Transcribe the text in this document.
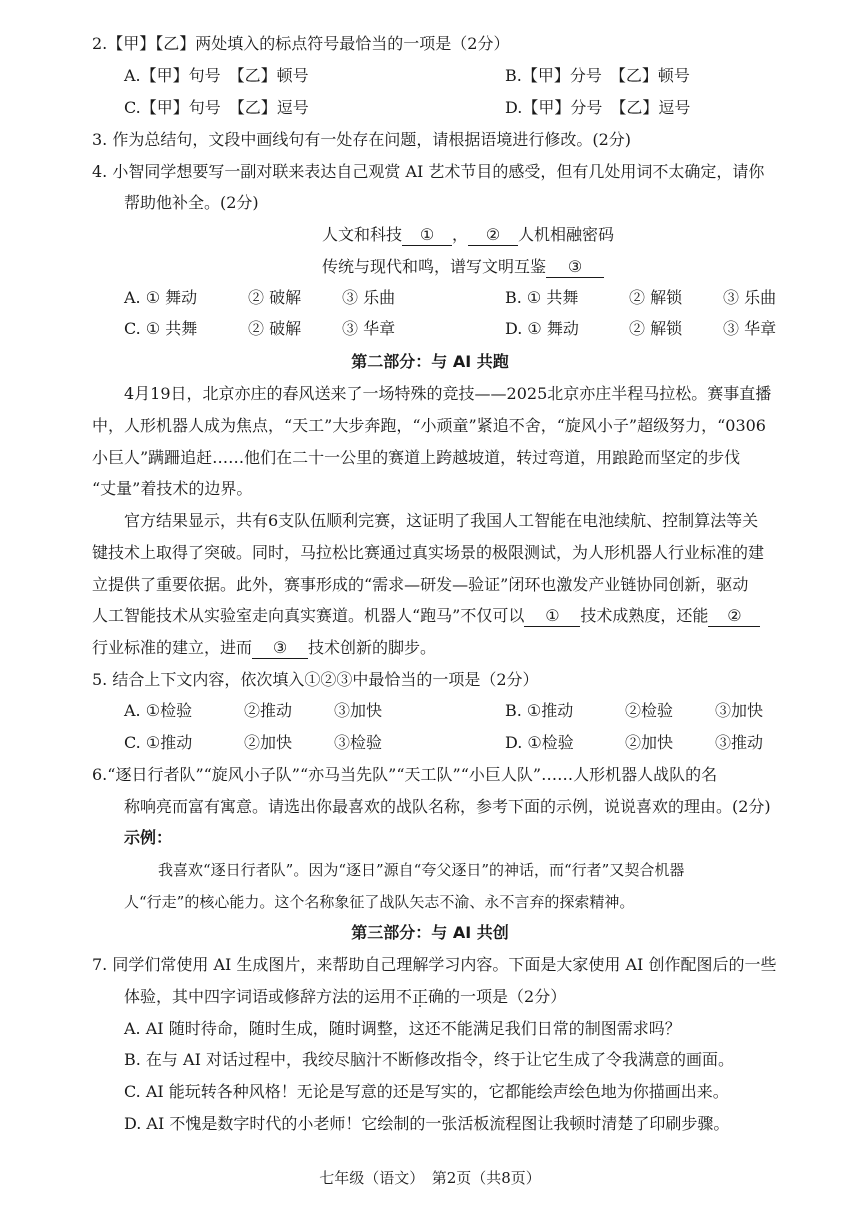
2.【甲】【乙】两处填入的标点符号最恰当的一项是（2分）
A.【甲】句号　【乙】顿号	B.【甲】分号　【乙】顿号
C.【甲】句号　【乙】逗号	D.【甲】分号　【乙】逗号
3. 作为总结句，文段中画线句有一处存在问题，请根据语境进行修改。(2分)
4. 小智同学想要写一副对联来表达自己观赏 AI 艺术节目的感受，但有几处用词不太确定，请你
帮助他补全。(2分)
人文和科技 ① ， ② 人机相融密码
传统与现代和鸣，谱写文明互鉴 ③
A. ① 舞动	② 破解	③ 乐曲	B. ① 共舞	② 解锁	③ 乐曲
C. ① 共舞	② 破解	③ 华章	D. ① 舞动	② 解锁	③ 华章
第二部分：与 AI 共跑
4月19日，北京亦庄的春风送来了一场特殊的竞技——2025北京亦庄半程马拉松。赛事直播
中，人形机器人成为焦点，“天工”大步奔跑，“小顽童”紧追不舍，“旋风小子”超级努力，“0306
小巨人”蹒跚追赶……他们在二十一公里的赛道上跨越坡道，转过弯道，用踉跄而坚定的步伐
“丈量”着技术的边界。
官方结果显示，共有6支队伍顺利完赛，这证明了我国人工智能在电池续航、控制算法等关
键技术上取得了突破。同时，马拉松比赛通过真实场景的极限测试，为人形机器人行业标准的建
立提供了重要依据。此外，赛事形成的“需求—研发—验证”闭环也激发产业链协同创新，驱动
人工智能技术从实验室走向真实赛道。机器人“跑马”不仅可以 ① 技术成熟度，还能 ②
行业标准的建立，进而 ③ 技术创新的脚步。
5. 结合上下文内容，依次填入①②③中最恰当的一项是（2分）
A. ①检验	②推动	③加快	B. ①推动	②检验	③加快
C. ①推动	②加快	③检验	D. ①检验	②加快	③推动
6.“逐日行者队”“旋风小子队”“亦马当先队”“天工队”“小巨人队”……人形机器人战队的名
称响亮而富有寓意。请选出你最喜欢的战队名称，参考下面的示例，说说喜欢的理由。(2分)
示例：
我喜欢“逐日行者队”。因为“逐日”源自“夸父逐日”的神话，而“行者”又契合机器
人“行走”的核心能力。这个名称象征了战队矢志不渝、永不言弃的探索精神。
第三部分：与 AI 共创
7. 同学们常使用 AI 生成图片，来帮助自己理解学习内容。下面是大家使用 AI 创作配图后的一些
体验，其中四字词语或修辞方法的运用不正确的一项是（2分）
A. AI 随时待命，随时生成，随时调整，这还不能满足我们日常的制图需求吗？
B. 在与 AI 对话过程中，我绞尽脑汁不断修改指令，终于让它生成了令我满意的画面。
C. AI 能玩转各种风格！无论是写意的还是写实的，它都能绘声绘色地为你描画出来。
D. AI 不愧是数字时代的小老师！它绘制的一张活板流程图让我顿时清楚了印刷步骤。
七年级（语文）　第2页（共8页）
